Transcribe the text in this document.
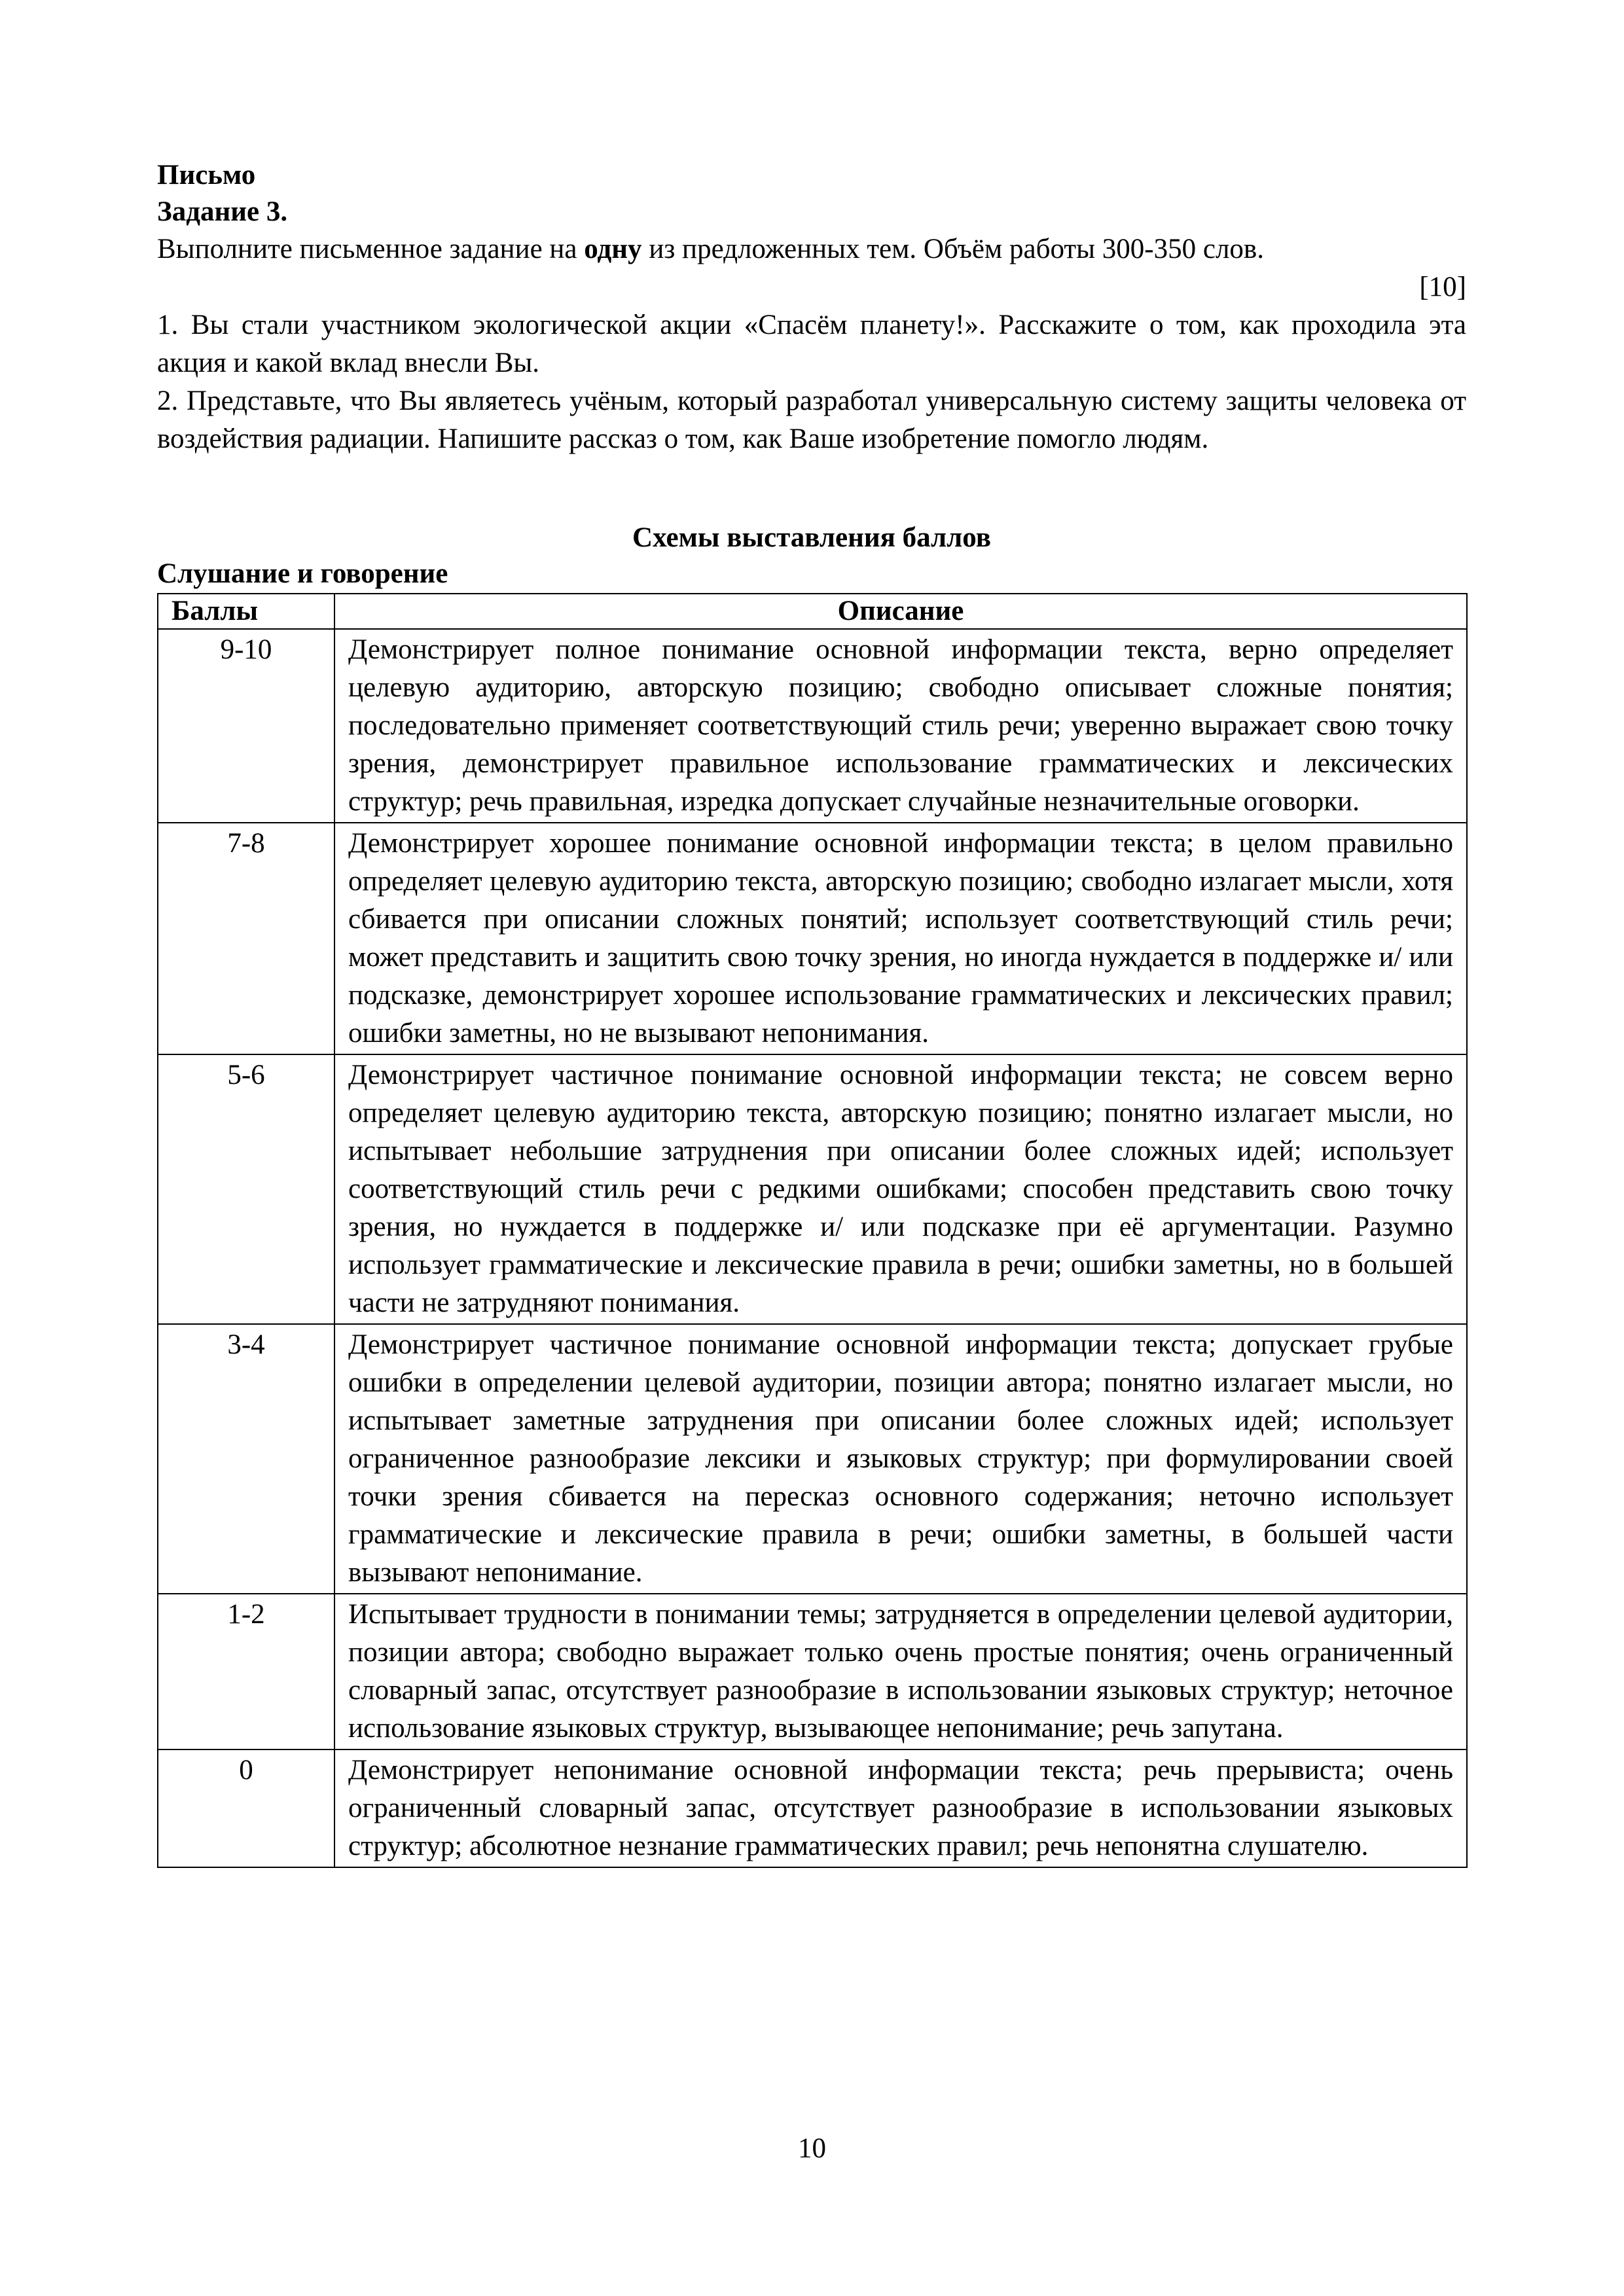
Письмо

Задание 3.

Выполните письменное задание на одну из предложенных тем. Объём работы 300-350 слов.

[10]

1. Вы стали участником экологической акции «Спасём планету!». Расскажите о том, как проходила эта акция и какой вклад внесли Вы.

2. Представьте, что Вы являетесь учёным, который разработал универсальную систему защиты человека от воздействия радиации. Напишите рассказ о том, как Ваше изобретение помогло людям.

Схемы выставления баллов

Слушание и говорение

Баллы	Описание
9-10	Демонстрирует полное понимание основной информации текста, верно определяет целевую аудиторию, авторскую позицию; свободно описывает сложные понятия; последовательно применяет соответствующий стиль речи; уверенно выражает свою точку зрения, демонстрирует правильное использование грамматических и лексических структур; речь правильная, изредка допускает случайные незначительные оговорки.
7-8	Демонстрирует хорошее понимание основной информации текста; в целом правильно определяет целевую аудиторию текста, авторскую позицию; свободно излагает мысли, хотя сбивается при описании сложных понятий; использует соответствующий стиль речи; может представить и защитить свою точку зрения, но иногда нуждается в поддержке и/ или подсказке, демонстрирует хорошее использование грамматических и лексических правил; ошибки заметны, но не вызывают непонимания.
5-6	Демонстрирует частичное понимание основной информации текста; не совсем верно определяет целевую аудиторию текста, авторскую позицию; понятно излагает мысли, но испытывает небольшие затруднения при описании более сложных идей; использует соответствующий стиль речи с редкими ошибками; способен представить свою точку зрения, но нуждается в поддержке и/ или подсказке при её аргументации. Разумно использует грамматические и лексические правила в речи; ошибки заметны, но в большей части не затрудняют понимания.
3-4	Демонстрирует частичное понимание основной информации текста; допускает грубые ошибки в определении целевой аудитории, позиции автора; понятно излагает мысли, но испытывает заметные затруднения при описании более сложных идей; использует ограниченное разнообразие лексики и языковых структур; при формулировании своей точки зрения сбивается на пересказ основного содержания; неточно использует грамматические и лексические правила в речи; ошибки заметны, в большей части вызывают непонимание.
1-2	Испытывает трудности в понимании темы; затрудняется в определении целевой аудитории, позиции автора; свободно выражает только очень простые понятия; очень ограниченный словарный запас, отсутствует разнообразие в использовании языковых структур; неточное использование языковых структур, вызывающее непонимание; речь запутана.
0	Демонстрирует непонимание основной информации текста; речь прерывиста; очень ограниченный словарный запас, отсутствует разнообразие в использовании языковых структур; абсолютное незнание грамматических правил; речь непонятна слушателю.
10
